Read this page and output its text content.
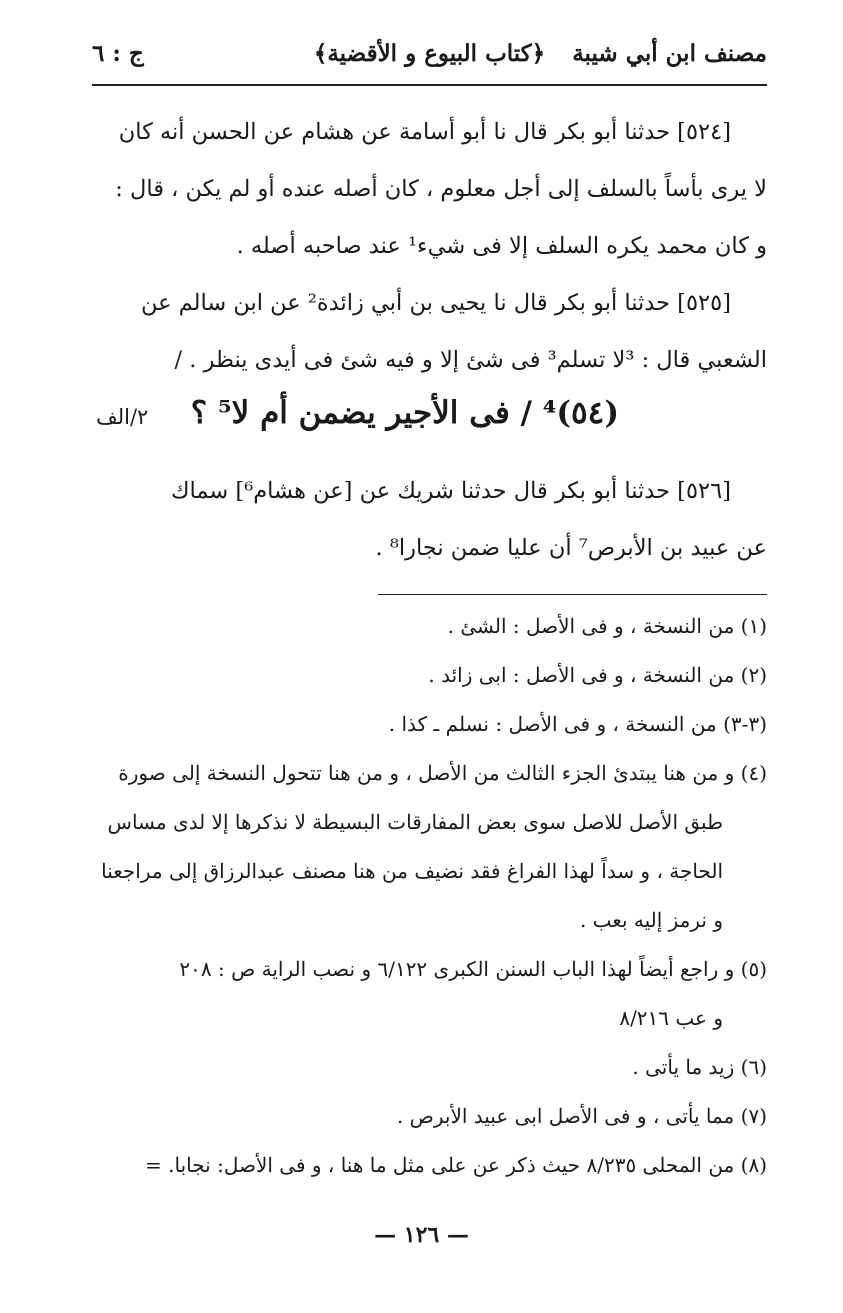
مصنف ابن أبي شيبة
﴿كتاب البيوع و الأقضية﴾
ج : ٦

[٥٢٤] حدثنا أبو بكر قال نا أبو أسامة عن هشام عن الحسن أنه كان

لا يرى بأساً بالسلف إلى أجل معلوم ، كان أصله عنده أو لم يكن ، قال :

و كان محمد يكره السلف إلا فى شيء¹ عند صاحبه أصله .

[٥٢٥] حدثنا أبو بكر قال نا يحيى بن أبي زائدة² عن ابن سالم عن

الشعبي قال : ³لا تسلم³ فى شئ إلا و فيه شئ فى أيدى ينظر . /

(٥٤)⁴ / فى الأجير يضمن أم لا⁵ ؟
٢/الف

[٥٢٦] حدثنا أبو بكر قال حدثنا شريك عن [عن هشام⁶] سماك

عن عبيد بن الأبرص⁷ أن عليا ضمن نجارا⁸ .

(١) من النسخة ، و فى الأصل : الشئ .

(٢) من النسخة ، و فى الأصل : ابى زائد .

(٣-٣) من النسخة ، و فى الأصل : نسلم ـ كذا .

(٤) و من هنا يبتدئ الجزء الثالث من الأصل ، و من هنا تتحول النسخة إلى صورة

طبق الأصل للاصل سوى بعض المفارقات البسيطة لا نذكرها إلا لدى مساس

الحاجة ، و سداً لهذا الفراغ فقد نضيف من هنا مصنف عبدالرزاق إلى مراجعنا

و نرمز إليه بعب .

(٥) و راجع أيضاً لهذا الباب السنن الكبرى ٦/١٢٢ و نصب الراية ص : ٢٠٨

و عب ٨/٢١٦

(٦) زيد ما يأتى .

(٧) مما يأتى ، و فى الأصل ابى عبيد الأبرص .

(٨) من المحلى ٨/٢٣٥ حيث ذكر عن على مثل ما هنا ، و فى الأصل: نجابا. =

— ١٢٦ —
